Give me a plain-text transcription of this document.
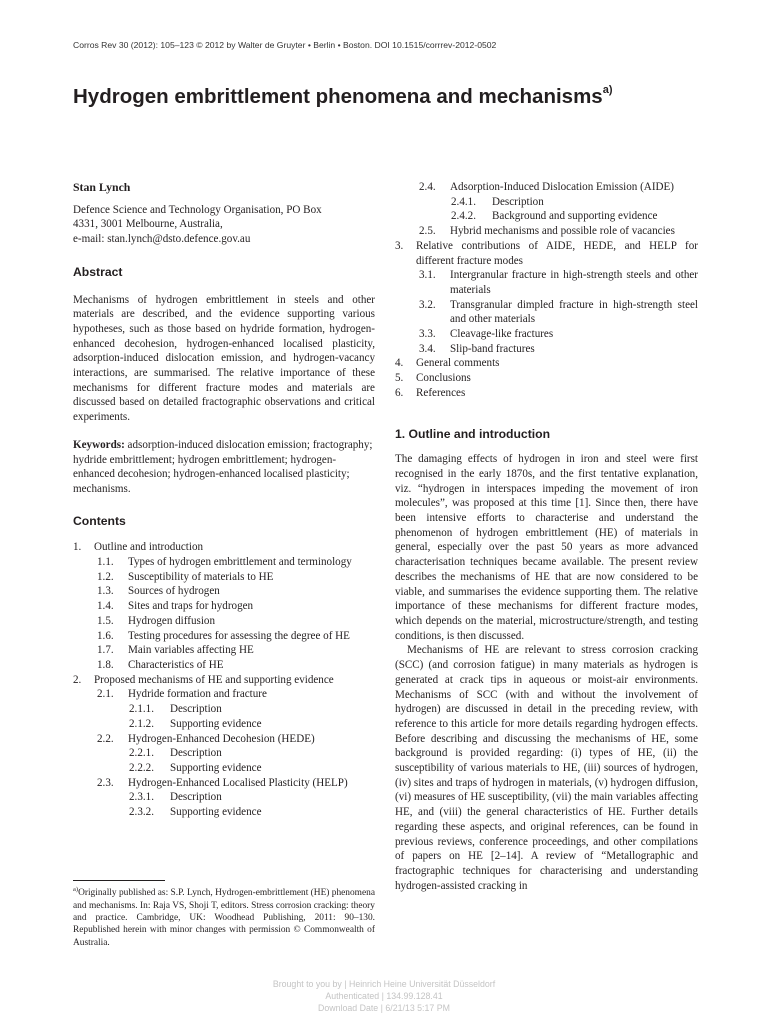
Corros Rev 30 (2012): 105–123 © 2012 by Walter de Gruyter • Berlin • Boston. DOI 10.1515/corrrev-2012-0502
Hydrogen embrittlement phenomena and mechanisms$^{a)}$

Stan Lynch

Defence Science and Technology Organisation, PO Box

4331, 3001 Melbourne, Australia,

e-mail: stan.lynch@dsto.defence.gov.au

Abstract

Mechanisms of hydrogen embrittlement in steels and other materials are described, and the evidence supporting various hypotheses, such as those based on hydride formation, hydrogen-enhanced decohesion, hydrogen-enhanced localised plasticity, adsorption-induced dislocation emission, and hydrogen-vacancy interactions, are summarised. The relative importance of these mechanisms for different fracture modes and materials are discussed based on detailed fractographic observations and critical experiments.

Keywords: adsorption-induced dislocation emission; fractography; hydride embrittlement; hydrogen embrittlement; hydrogen-enhanced decohesion; hydrogen-enhanced localised plasticity; mechanisms.

Contents
1.	Outline and introduction
1.1.	Types of hydrogen embrittlement and terminology
1.2.	Susceptibility of materials to HE
1.3.	Sources of hydrogen
1.4.	Sites and traps for hydrogen
1.5.	Hydrogen diffusion
1.6.	Testing procedures for assessing the degree of HE
1.7.	Main variables affecting HE
1.8.	Characteristics of HE
2.	Proposed mechanisms of HE and supporting evidence
2.1.	Hydride formation and fracture
2.1.1.	Description
2.1.2.	Supporting evidence
2.2.	Hydrogen-Enhanced Decohesion (HEDE)
2.2.1.	Description
2.2.2.	Supporting evidence
2.3.	Hydrogen-Enhanced Localised Plasticity (HELP)
2.3.1.	Description
2.3.2.	Supporting evidence
$^{a)}$Originally published as: S.P. Lynch, Hydrogen-embrittlement (HE) phenomena and mechanisms. In: Raja VS, Shoji T, editors. Stress corrosion cracking: theory and practice. Cambridge, UK: Woodhead Publishing, 2011: 90–130. Republished herein with minor changes with permission © Commonwealth of Australia.
2.4.	Adsorption-Induced Dislocation Emission (AIDE)
2.4.1.	Description
2.4.2.	Background and supporting evidence
2.5.	Hybrid mechanisms and possible role of vacancies
3.	Relative contributions of AIDE, HEDE, and HELP for different fracture modes
3.1.	Intergranular fracture in high-strength steels and other materials
3.2.	Transgranular dimpled fracture in high-strength steel and other materials
3.3.	Cleavage-like fractures
3.4.	Slip-band fractures
4.	General comments
5.	Conclusions
6.	References
1. Outline and introduction

The damaging effects of hydrogen in iron and steel were first recognised in the early 1870s, and the first tentative explanation, viz. “hydrogen in interspaces impeding the movement of iron molecules”, was proposed at this time [1]. Since then, there have been intensive efforts to characterise and understand the phenomenon of hydrogen embrittlement (HE) of materials in general, especially over the past 50 years as more advanced characterisation techniques became available. The present review describes the mechanisms of HE that are now considered to be viable, and summarises the evidence supporting them. The relative importance of these mechanisms for different fracture modes, which depends on the material, microstructure/strength, and testing conditions, is then discussed.

Mechanisms of HE are relevant to stress corrosion cracking (SCC) (and corrosion fatigue) in many materials as hydrogen is generated at crack tips in aqueous or moist-air environments. Mechanisms of SCC (with and without the involvement of hydrogen) are discussed in detail in the preceding review, with reference to this article for more details regarding hydrogen effects. Before describing and discussing the mechanisms of HE, some background is provided regarding: (i) types of HE, (ii) the susceptibility of various materials to HE, (iii) sources of hydrogen, (iv) sites and traps of hydrogen in materials, (v) hydrogen diffusion, (vi) measures of HE susceptibility, (vii) the main variables affecting HE, and (viii) the general characteristics of HE. Further details regarding these aspects, and original references, can be found in previous reviews, conference proceedings, and other compilations of papers on HE [2–14]. A review of “Metallographic and fractographic techniques for characterising and understanding hydrogen-assisted cracking in

Brought to you by | Heinrich Heine Universität Düsseldorf
Authenticated | 134.99.128.41
Download Date | 6/21/13 5:17 PM
